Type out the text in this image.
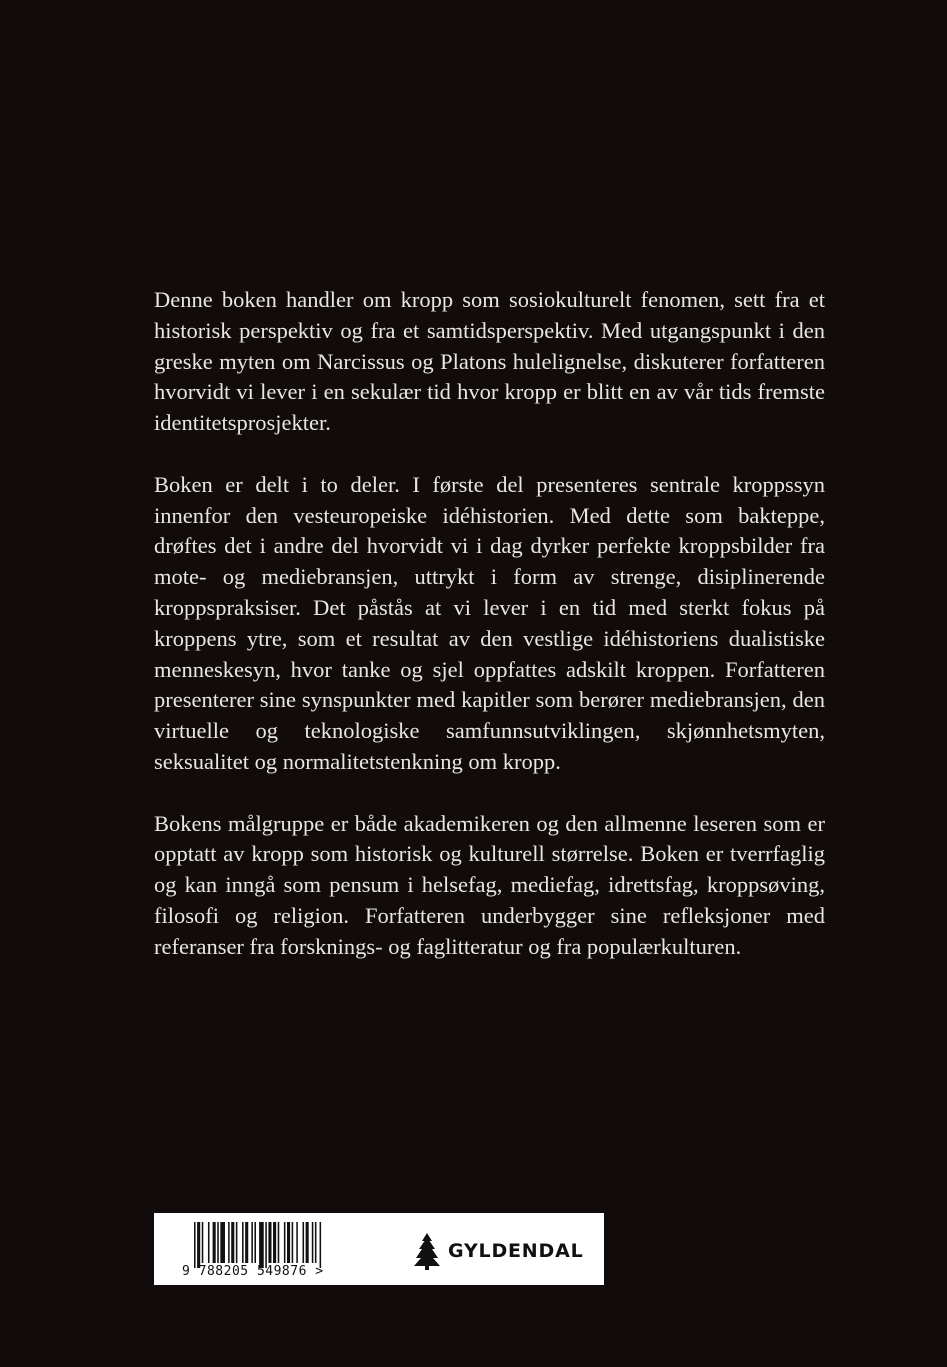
Denne boken handler om kropp som sosiokulturelt fenomen, sett fra et historisk perspektiv og fra et samtidsperspektiv. Med utgangspunkt i den greske myten om Narcissus og Platons hulelignelse, diskuterer forfatteren hvorvidt vi lever i en sekulær tid hvor kropp er blitt en av vår tids fremste identitetsprosjekter.

Boken er delt i to deler. I første del presenteres sentrale kroppssyn innenfor den vesteuropeiske idéhistorien. Med dette som bakteppe, drøftes det i andre del hvorvidt vi i dag dyrker perfekte kroppsbilder fra mote- og mediebransjen, uttrykt i form av strenge, disiplinerende kroppspraksiser. Det påstås at vi lever i en tid med sterkt fokus på kroppens ytre, som et resultat av den vestlige idéhistoriens dualistiske menneskesyn, hvor tanke og sjel oppfattes adskilt kroppen. Forfatteren presenterer sine synspunkter med kapitler som berører mediebransjen, den virtuelle og teknologiske samfunnsutviklingen, skjønnhetsmyten, seksualitet og normalitetstenkning om kropp.

Bokens målgruppe er både akademikeren og den allmenne leseren som er opptatt av kropp som historisk og kulturell størrelse. Boken er tverrfaglig og kan inngå som pensum i helsefag, mediefag, idrettsfag, kroppsøving, filosofi og religion. Forfatteren underbygger sine refleksjoner med referanser fra forsknings- og faglitteratur og fra populærkulturen.

9 788205 549876 >
GYLDENDAL
